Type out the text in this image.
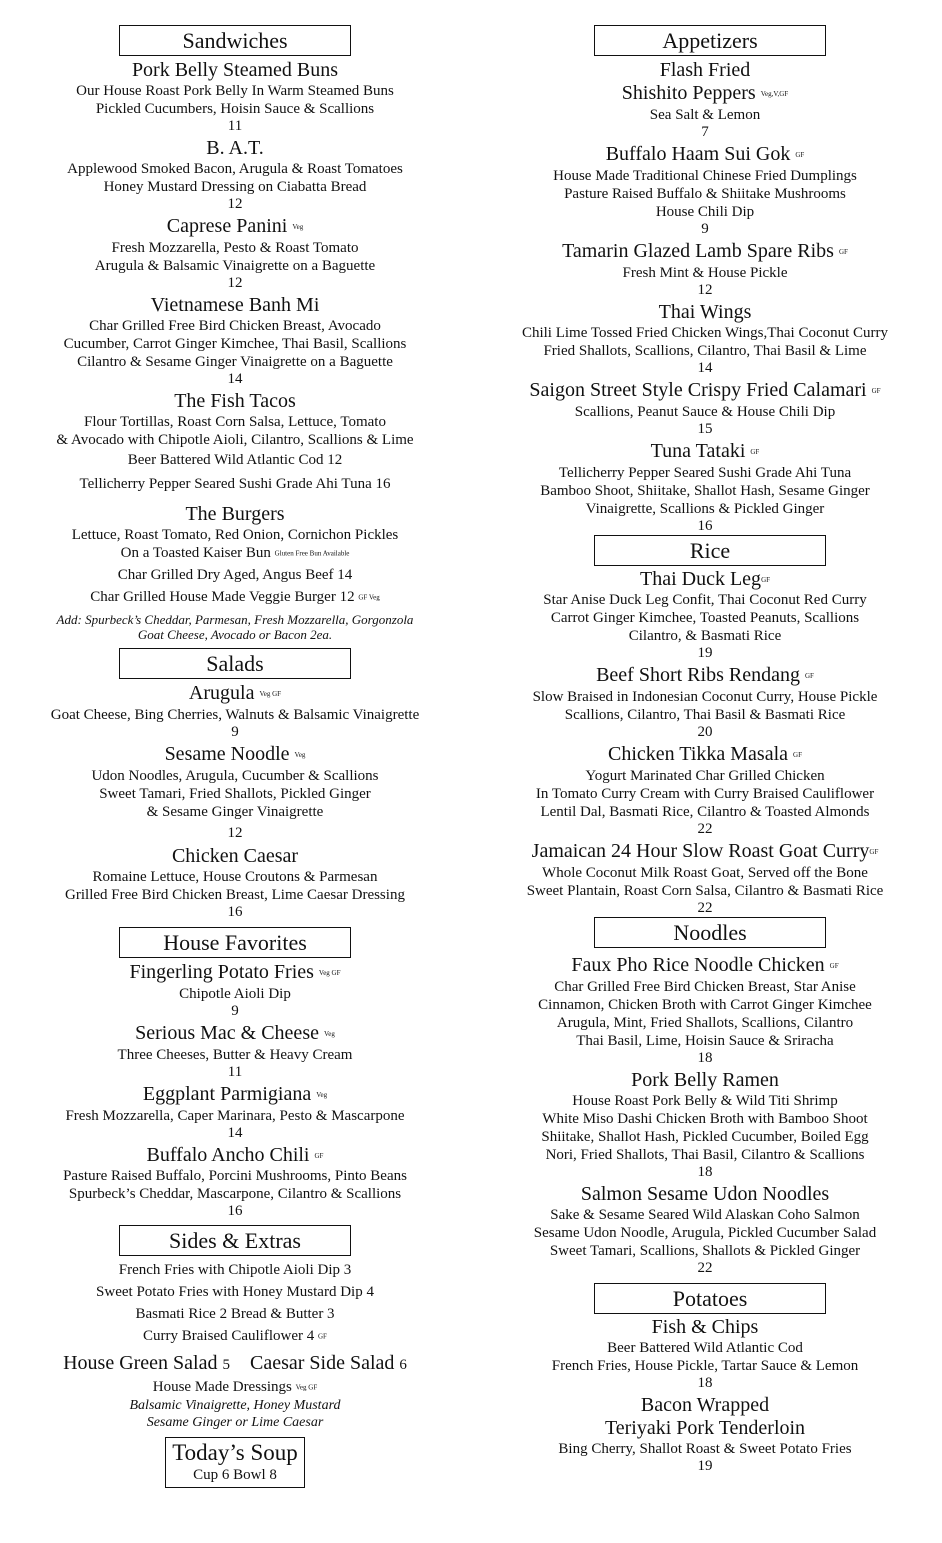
Sandwiches
Pork Belly Steamed Buns
Our House Roast Pork Belly In Warm Steamed Buns
Pickled Cucumbers, Hoisin Sauce & Scallions
11
B. A.T.
Applewood Smoked Bacon, Arugula & Roast Tomatoes
Honey Mustard Dressing on Ciabatta Bread
12
Caprese Panini Veg
Fresh Mozzarella, Pesto & Roast Tomato
Arugula & Balsamic Vinaigrette on a Baguette
12
Vietnamese Banh Mi
Char Grilled Free Bird Chicken Breast, Avocado
Cucumber, Carrot Ginger Kimchee, Thai Basil, Scallions
Cilantro & Sesame Ginger Vinaigrette on a Baguette
14
The Fish Tacos
Flour Tortillas, Roast Corn Salsa, Lettuce, Tomato
& Avocado with Chipotle Aioli, Cilantro, Scallions & Lime
Beer Battered Wild Atlantic Cod 12
Tellicherry Pepper Seared Sushi Grade Ahi Tuna 16
The Burgers
Lettuce, Roast Tomato, Red Onion, Cornichon Pickles
On a Toasted Kaiser Bun Gluten Free Bun Available
Char Grilled Dry Aged, Angus Beef 14
Char Grilled House Made Veggie Burger 12 GF Veg
Add: Spurbeck’s Cheddar, Parmesan, Fresh Mozzarella, Gorgonzola
Goat Cheese, Avocado or Bacon 2ea.
Salads
Arugula Veg GF
Goat Cheese, Bing Cherries, Walnuts & Balsamic Vinaigrette
9
Sesame Noodle Veg
Udon Noodles, Arugula, Cucumber & Scallions
Sweet Tamari, Fried Shallots, Pickled Ginger
& Sesame Ginger Vinaigrette
12
Chicken Caesar
Romaine Lettuce, House Croutons & Parmesan
Grilled Free Bird Chicken Breast, Lime Caesar Dressing
16
House Favorites
Fingerling Potato Fries Veg GF
Chipotle Aioli Dip
9
Serious Mac & Cheese Veg
Three Cheeses, Butter & Heavy Cream
11
Eggplant Parmigiana Veg
Fresh Mozzarella, Caper Marinara, Pesto & Mascarpone
14
Buffalo Ancho Chili GF
Pasture Raised Buffalo, Porcini Mushrooms, Pinto Beans
Spurbeck’s Cheddar, Mascarpone, Cilantro & Scallions
16
Sides & Extras
French Fries with Chipotle Aioli Dip 3
Sweet Potato Fries with Honey Mustard Dip 4
Basmati Rice 2 Bread & Butter 3
Curry Braised Cauliflower 4 GF
House Green Salad 5 Caesar Side Salad 6
House Made Dressings Veg GF
Balsamic Vinaigrette, Honey Mustard
Sesame Ginger or Lime Caesar
Today’s Soup
Cup 6 Bowl 8
Appetizers
Flash Fried
Shishito Peppers Veg,V,GF
Sea Salt & Lemon
7
Buffalo Haam Sui Gok GF
House Made Traditional Chinese Fried Dumplings
Pasture Raised Buffalo & Shiitake Mushrooms
House Chili Dip
9
Tamarin Glazed Lamb Spare Ribs GF
Fresh Mint & House Pickle
12
Thai Wings
Chili Lime Tossed Fried Chicken Wings,Thai Coconut Curry
Fried Shallots, Scallions, Cilantro, Thai Basil & Lime
14
Saigon Street Style Crispy Fried Calamari GF
Scallions, Peanut Sauce & House Chili Dip
15
Tuna Tataki GF
Tellicherry Pepper Seared Sushi Grade Ahi Tuna
Bamboo Shoot, Shiitake, Shallot Hash, Sesame Ginger
Vinaigrette, Scallions & Pickled Ginger
16
Rice
Thai Duck LegGF
Star Anise Duck Leg Confit, Thai Coconut Red Curry
Carrot Ginger Kimchee, Toasted Peanuts, Scallions
Cilantro, & Basmati Rice
19
Beef Short Ribs Rendang GF
Slow Braised in Indonesian Coconut Curry, House Pickle
Scallions, Cilantro, Thai Basil & Basmati Rice
20
Chicken Tikka Masala GF
Yogurt Marinated Char Grilled Chicken
In Tomato Curry Cream with Curry Braised Cauliflower
Lentil Dal, Basmati Rice, Cilantro & Toasted Almonds
22
Jamaican 24 Hour Slow Roast Goat CurryGF
Whole Coconut Milk Roast Goat, Served off the Bone
Sweet Plantain, Roast Corn Salsa, Cilantro & Basmati Rice
22
Noodles
Faux Pho Rice Noodle Chicken GF
Char Grilled Free Bird Chicken Breast, Star Anise
Cinnamon, Chicken Broth with Carrot Ginger Kimchee
Arugula, Mint, Fried Shallots, Scallions, Cilantro
Thai Basil, Lime, Hoisin Sauce & Sriracha
18
Pork Belly Ramen
House Roast Pork Belly & Wild Titi Shrimp
White Miso Dashi Chicken Broth with Bamboo Shoot
Shiitake, Shallot Hash, Pickled Cucumber, Boiled Egg
Nori, Fried Shallots, Thai Basil, Cilantro & Scallions
18
Salmon Sesame Udon Noodles
Sake & Sesame Seared Wild Alaskan Coho Salmon
Sesame Udon Noodle, Arugula, Pickled Cucumber Salad
Sweet Tamari, Scallions, Shallots & Pickled Ginger
22
Potatoes
Fish & Chips
Beer Battered Wild Atlantic Cod
French Fries, House Pickle, Tartar Sauce & Lemon
18
Bacon Wrapped
Teriyaki Pork Tenderloin
Bing Cherry, Shallot Roast & Sweet Potato Fries
19
